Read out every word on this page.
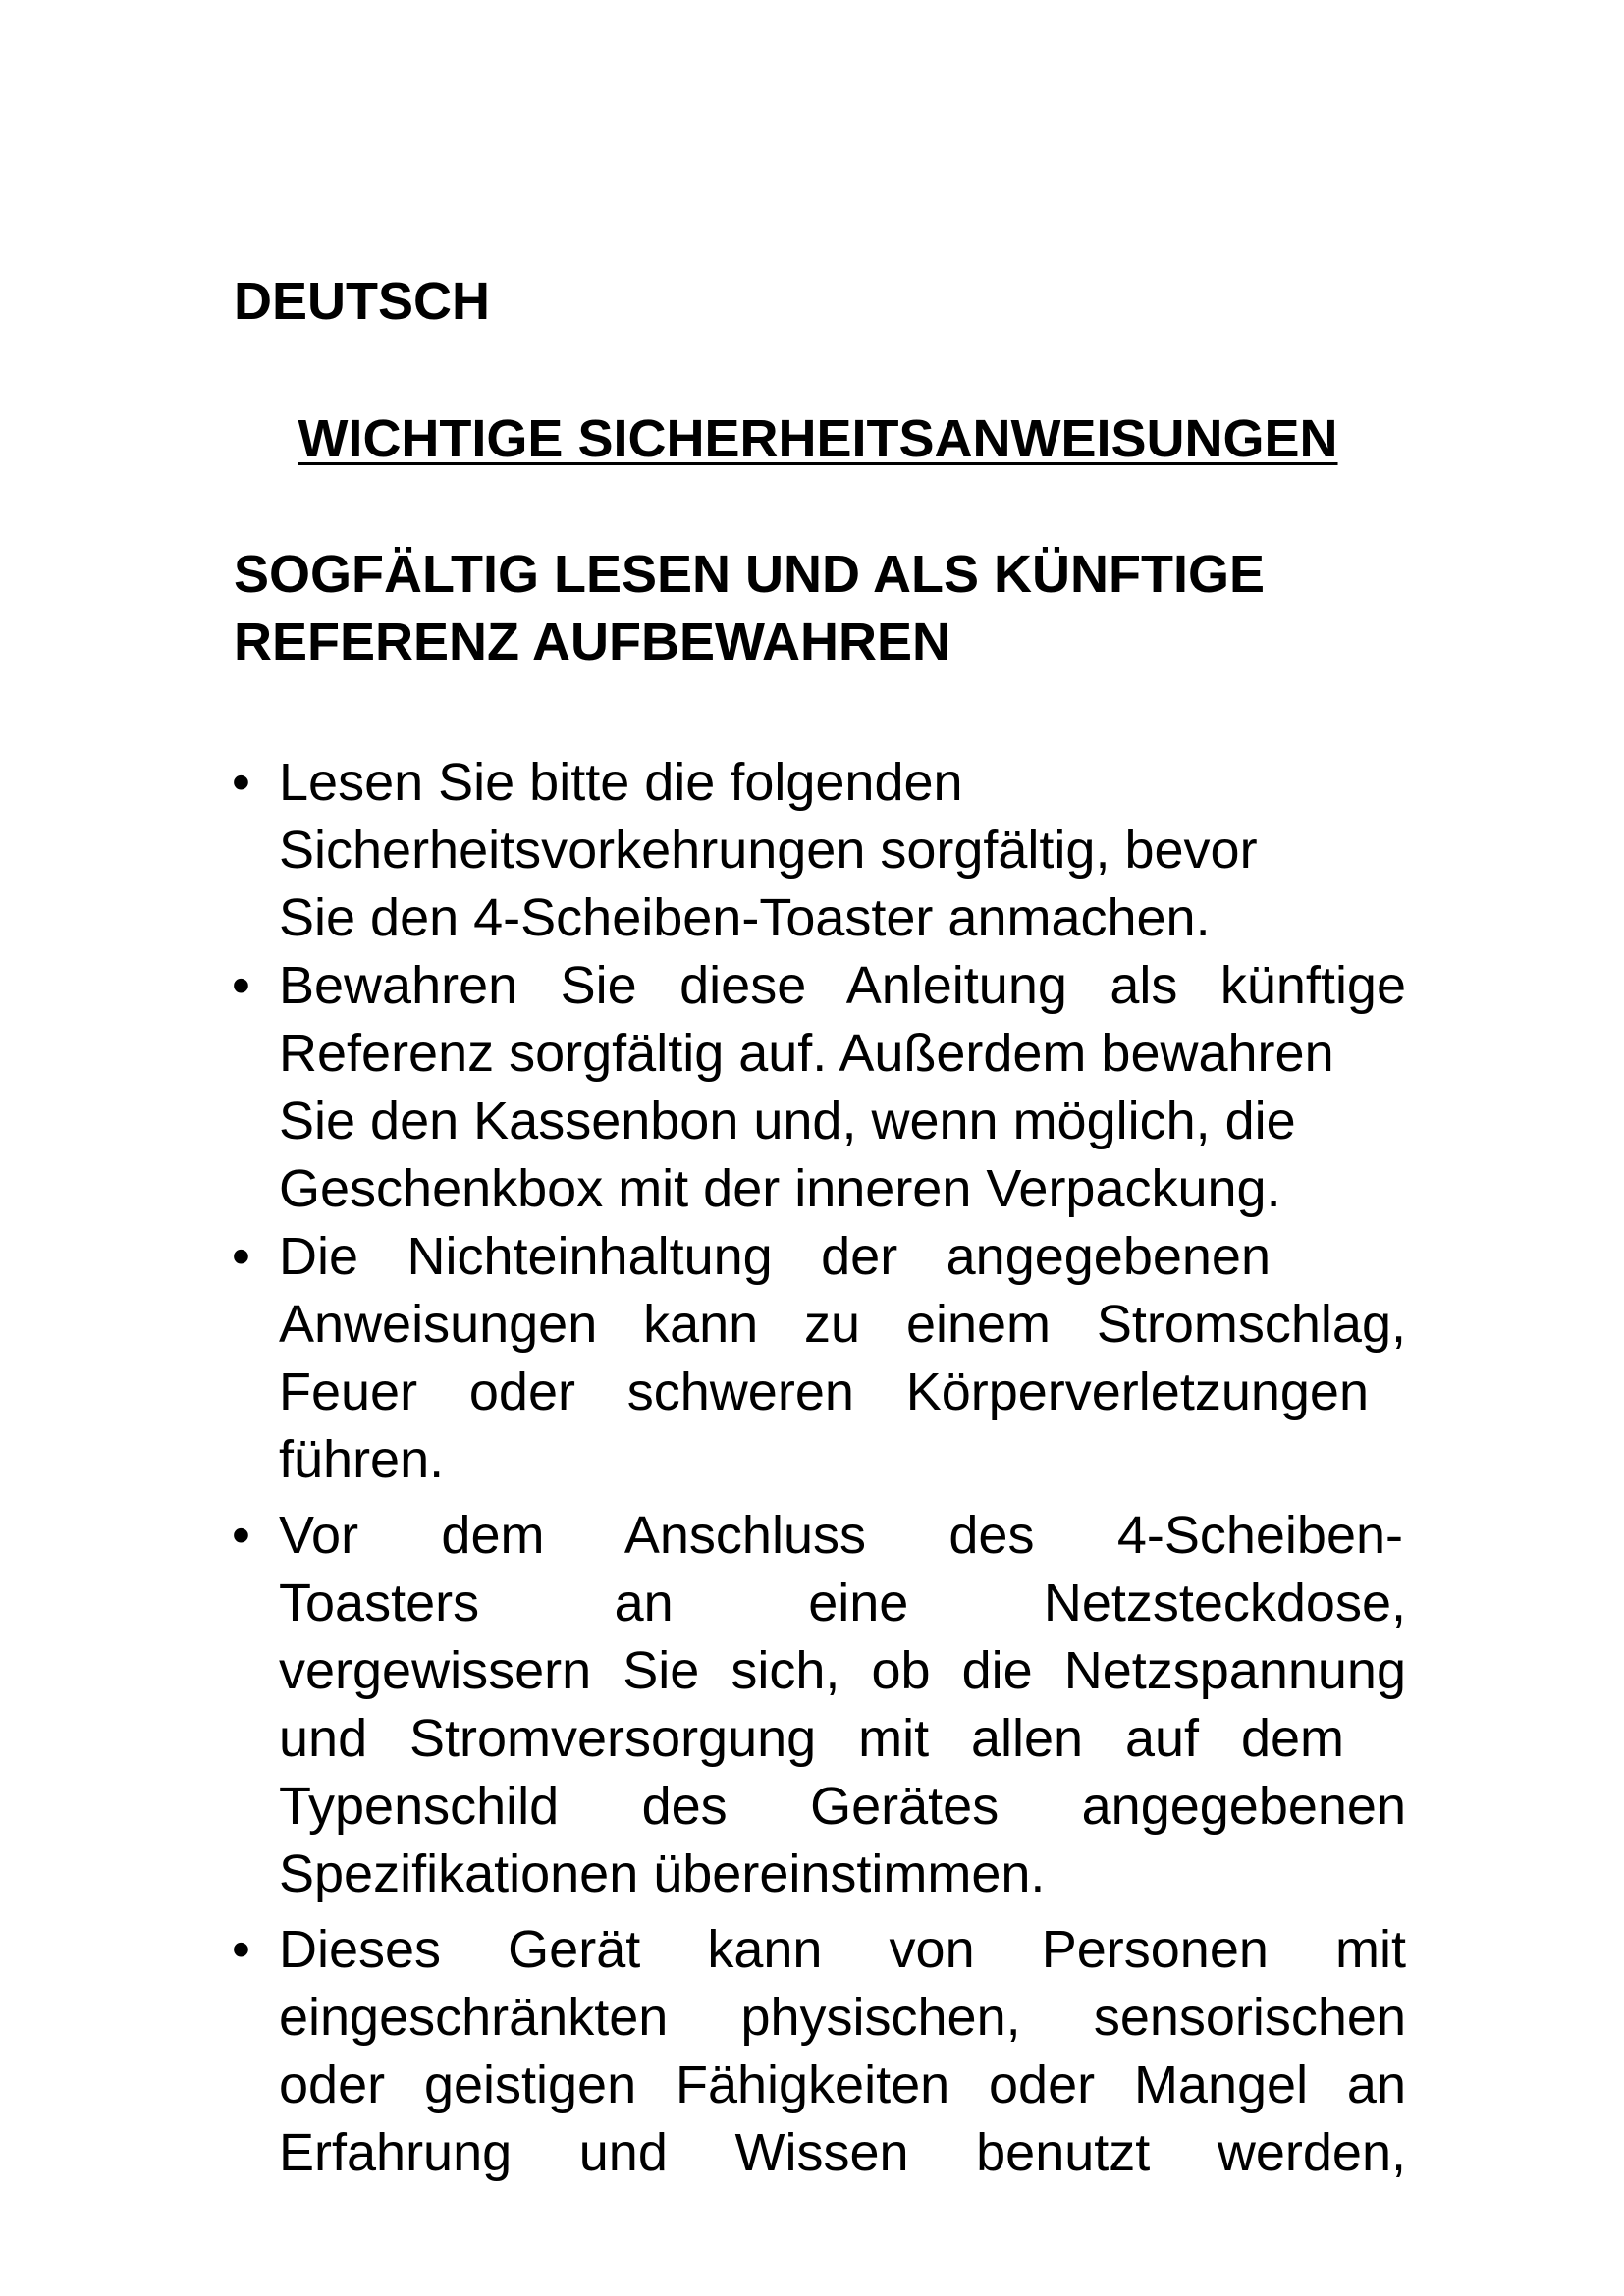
DEUTSCH
WICHTIGE SICHERHEITSANWEISUNGEN
SOGFÄLTIG LESEN UND ALS KÜNFTIGE
REFERENZ AUFBEWAHREN
• Lesen Sie bitte die folgenden
Sicherheitsvorkehrungen sorgfältig, bevor
Sie den 4-Scheiben-Toaster anmachen.
• Bewahren Sie diese Anleitung als künftige
Referenz sorgfältig auf. Außerdem bewahren
Sie den Kassenbon und, wenn möglich, die
Geschenkbox mit der inneren Verpackung.
• Die Nichteinhaltung der angegebenen
Anweisungen kann zu einem Stromschlag,
Feuer oder schweren Körperverletzungen
führen.
• Vor dem Anschluss des 4-Scheiben-
Toasters an eine Netzsteckdose,
vergewissern Sie sich, ob die Netzspannung
und Stromversorgung mit allen auf dem
Typenschild des Gerätes angegebenen
Spezifikationen übereinstimmen.
• Dieses Gerät kann von Personen mit
eingeschränkten physischen, sensorischen
oder geistigen Fähigkeiten oder Mangel an
Erfahrung und Wissen benutzt werden,
